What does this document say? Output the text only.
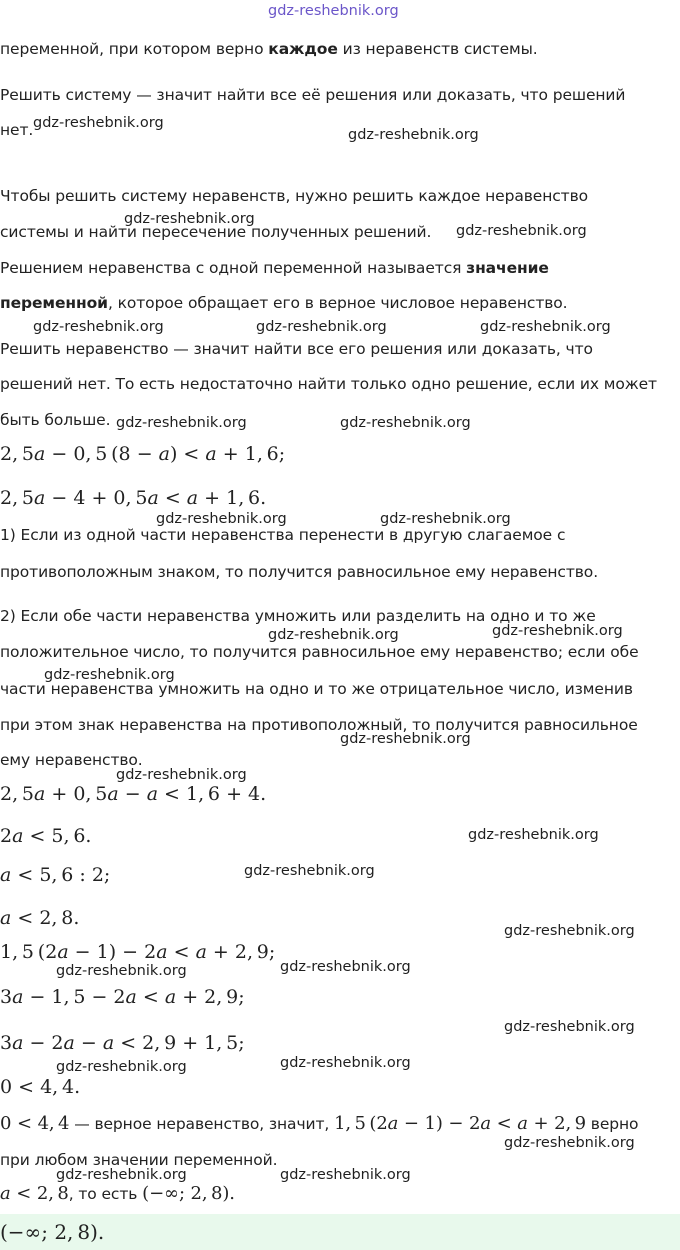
gdz-reshebnik.org
переменной, при котором верно каждое из неравенств системы.
Решить систему — значит найти все её решения или доказать, что решений
нет.
Чтобы решить систему неравенств, нужно решить каждое неравенство
системы и найти пересечение полученных решений.
Решением неравенства с одной переменной называется значение
переменной, которое обращает его в верное числовое неравенство.
Решить неравенство — значит найти все его решения или доказать, что
решений нет. То есть недостаточно найти только одно решение, если их может
быть больше.
2, 5a − 0, 5 (8 − a) < a + 1, 6;
2, 5a − 4 + 0, 5a < a + 1, 6.
1) Если из одной части неравенства перенести в другую слагаемое с
противоположным знаком, то получится равносильное ему неравенство.
2) Если обе части неравенства умножить или разделить на одно и то же
положительное число, то получится равносильное ему неравенство; если обе
части неравенства умножить на одно и то же отрицательное число, изменив
при этом знак неравенства на противоположный, то получится равносильное
ему неравенство.
2, 5a + 0, 5a − a < 1, 6 + 4.
2a < 5, 6.
a < 5, 6 : 2;
a < 2, 8.
1, 5 (2a − 1) − 2a < a + 2, 9;
3a − 1, 5 − 2a < a + 2, 9;
3a − 2a − a < 2, 9 + 1, 5;
0 < 4, 4.
0 < 4, 4 — верное неравенство, значит, 1, 5 (2a − 1) − 2a < a + 2, 9 верно
при любом значении переменной.
a < 2, 8, то есть (−∞; 2, 8).
(−∞; 2, 8).
gdz-reshebnik.org
gdz-reshebnik.org
gdz-reshebnik.org
gdz-reshebnik.org
gdz-reshebnik.org	gdz-reshebnik.org	gdz-reshebnik.org
gdz-reshebnik.org	gdz-reshebnik.org
gdz-reshebnik.org	gdz-reshebnik.org
gdz-reshebnik.org	gdz-reshebnik.org
gdz-reshebnik.org
gdz-reshebnik.org
gdz-reshebnik.org
gdz-reshebnik.org
gdz-reshebnik.org
gdz-reshebnik.org
gdz-reshebnik.org	gdz-reshebnik.org
gdz-reshebnik.org
gdz-reshebnik.org	gdz-reshebnik.org
gdz-reshebnik.org
gdz-reshebnik.org	gdz-reshebnik.org
